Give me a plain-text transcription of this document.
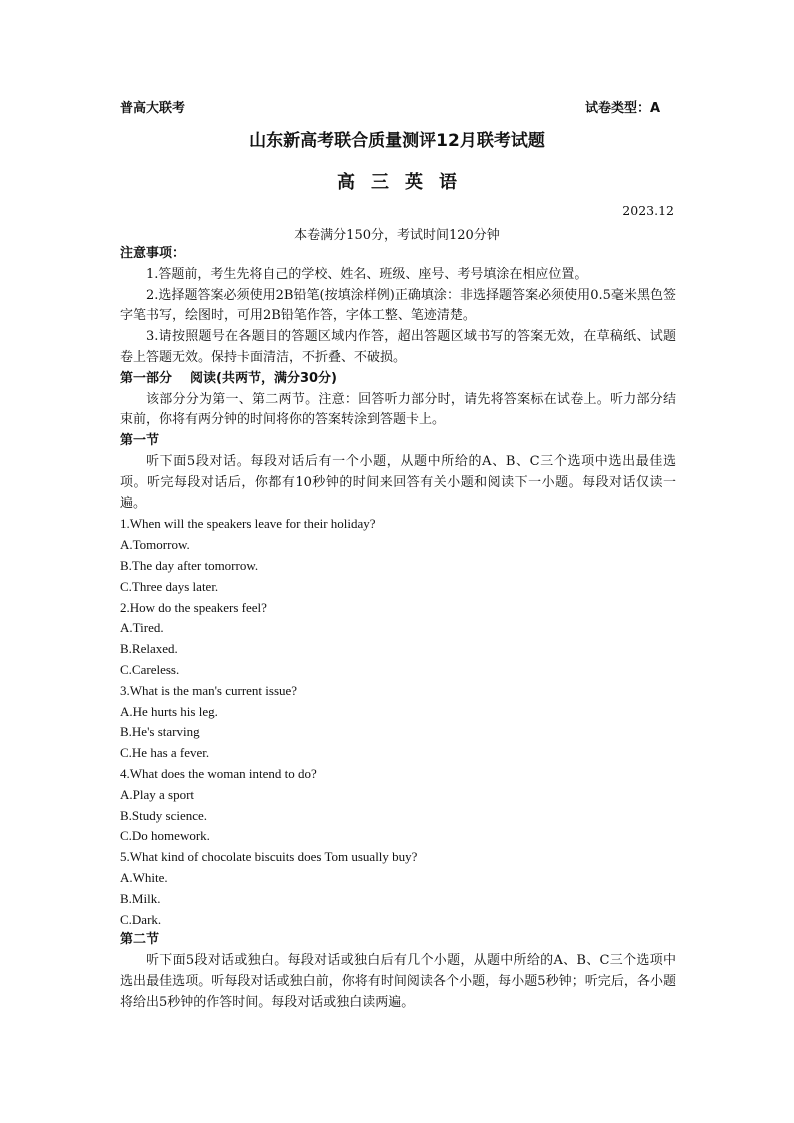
普高大联考	试卷类型：A
山东新高考联合质量测评12月联考试题
高三英语
2023.12
本卷满分150分，考试时间120分钟
注意事项：
1.答题前，考生先将自己的学校、姓名、班级、座号、考号填涂在相应位置。
2.选择题答案必须使用2B铅笔(按填涂样例)正确填涂：非选择题答案必须使用0.5毫米黑色签字笔书写，绘图时，可用2B铅笔作答，字体工整、笔迹清楚。
3.请按照题号在各题目的答题区域内作答，超出答题区域书写的答案无效，在草稿纸、试题卷上答题无效。保持卡面清洁，不折叠、不破损。
第一部分 阅读(共两节，满分30分)
该部分分为第一、第二两节。注意：回答听力部分时，请先将答案标在试卷上。听力部分结束前，你将有两分钟的时间将你的答案转涂到答题卡上。
第一节
听下面5段对话。每段对话后有一个小题，从题中所给的A、B、C三个选项中选出最佳选项。听完每段对话后，你都有10秒钟的时间来回答有关小题和阅读下一小题。每段对话仅读一遍。
1.When will the speakers leave for their holiday?
A.Tomorrow.
B.The day after tomorrow.
C.Three days later.
2.How do the speakers feel?
A.Tired.
B.Relaxed.
C.Careless.
3.What is the man's current issue?
A.He hurts his leg.
B.He's starving
C.He has a fever.
4.What does the woman intend to do?
A.Play a sport
B.Study science.
C.Do homework.
5.What kind of chocolate biscuits does Tom usually buy?
A.White.
B.Milk.
C.Dark.
第二节
听下面5段对话或独白。每段对话或独白后有几个小题，从题中所给的A、B、C三个选项中选出最佳选项。听每段对话或独白前，你将有时间阅读各个小题，每小题5秒钟；听完后，各小题将给出5秒钟的作答时间。每段对话或独白读两遍。
